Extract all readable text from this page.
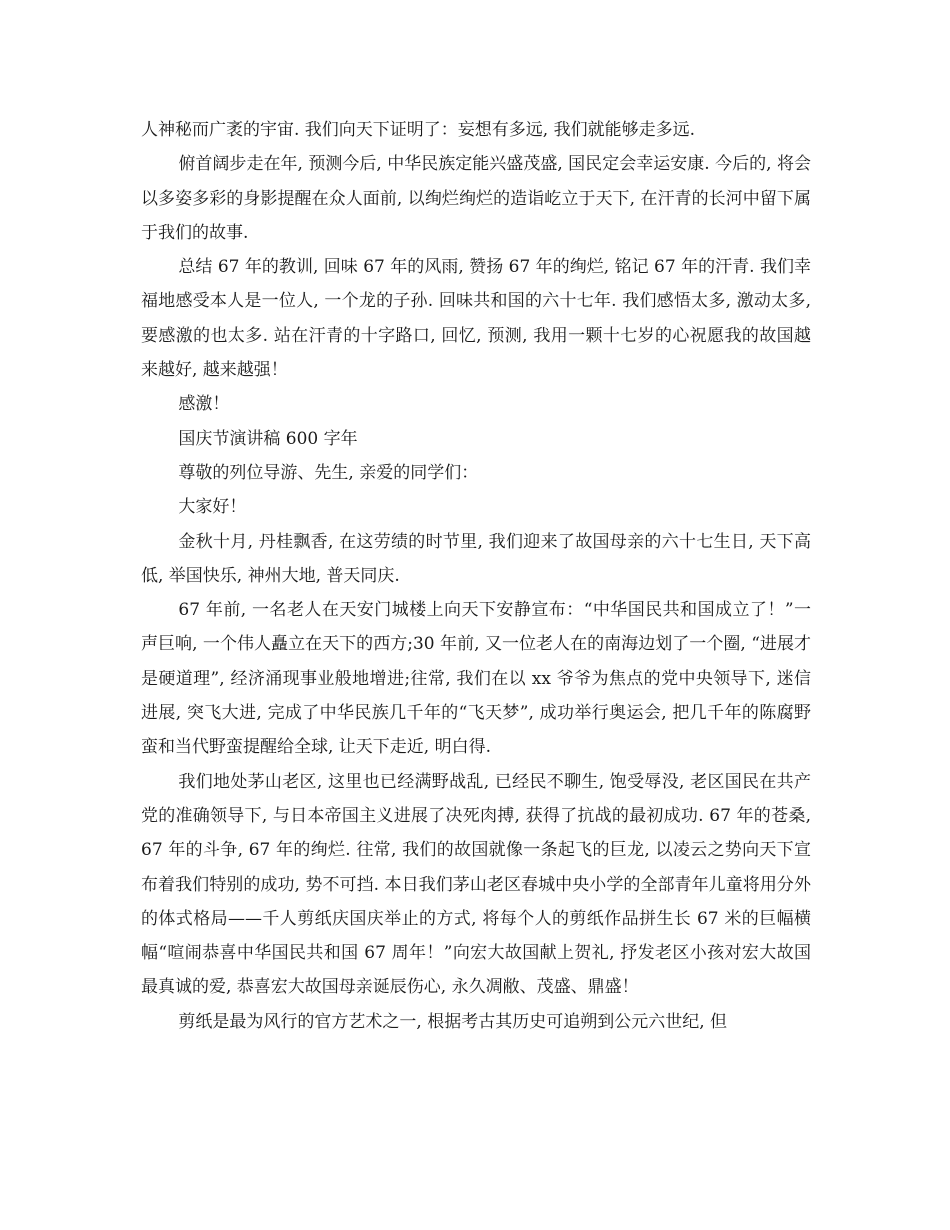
人神秘而广袤的宇宙. 我们向天下证明了：妄想有多远, 我们就能够走多远.

俯首阔步走在年, 预测今后, 中华民族定能兴盛茂盛, 国民定会幸运安康. 今后的, 将会以多姿多彩的身影提醒在众人面前, 以绚烂绚烂的造诣屹立于天下, 在汗青的长河中留下属于我们的故事.

总结 67 年的教训, 回味 67 年的风雨, 赞扬 67 年的绚烂, 铭记 67 年的汗青. 我们幸福地感受本人是一位人, 一个龙的子孙. 回味共和国的六十七年. 我们感悟太多, 激动太多, 要感激的也太多. 站在汗青的十字路口, 回忆, 预测, 我用一颗十七岁的心祝愿我的故国越来越好, 越来越强！

感激！

国庆节演讲稿 600 字年

尊敬的列位导游、先生, 亲爱的同学们：

大家好！

金秋十月, 丹桂飘香, 在这劳绩的时节里, 我们迎来了故国母亲的六十七生日, 天下高低, 举国快乐, 神州大地, 普天同庆.

67 年前, 一名老人在天安门城楼上向天下安静宣布：“中华国民共和国成立了！”一声巨响, 一个伟人矗立在天下的西方;30 年前, 又一位老人在的南海边划了一个圈, “进展才是硬道理”, 经济涌现事业般地增进;往常, 我们在以 xx 爷爷为焦点的党中央领导下, 迷信进展, 突飞大进, 完成了中华民族几千年的“飞天梦”, 成功举行奥运会, 把几千年的陈腐野蛮和当代野蛮提醒给全球, 让天下走近, 明白得.

我们地处茅山老区, 这里也已经满野战乱, 已经民不聊生, 饱受辱没, 老区国民在共产党的准确领导下, 与日本帝国主义进展了决死肉搏, 获得了抗战的最初成功. 67 年的苍桑, 67 年的斗争, 67 年的绚烂. 往常, 我们的故国就像一条起飞的巨龙, 以凌云之势向天下宣布着我们特别的成功, 势不可挡. 本日我们茅山老区春城中央小学的全部青年儿童将用分外的体式格局——千人剪纸庆国庆举止的方式, 将每个人的剪纸作品拼生长 67 米的巨幅横幅“喧闹恭喜中华国民共和国 67 周年！”向宏大故国献上贺礼, 抒发老区小孩对宏大故国最真诚的爱, 恭喜宏大故国母亲诞辰伤心, 永久凋敝、茂盛、鼎盛！

剪纸是最为风行的官方艺术之一, 根据考古其历史可追朔到公元六世纪, 但
